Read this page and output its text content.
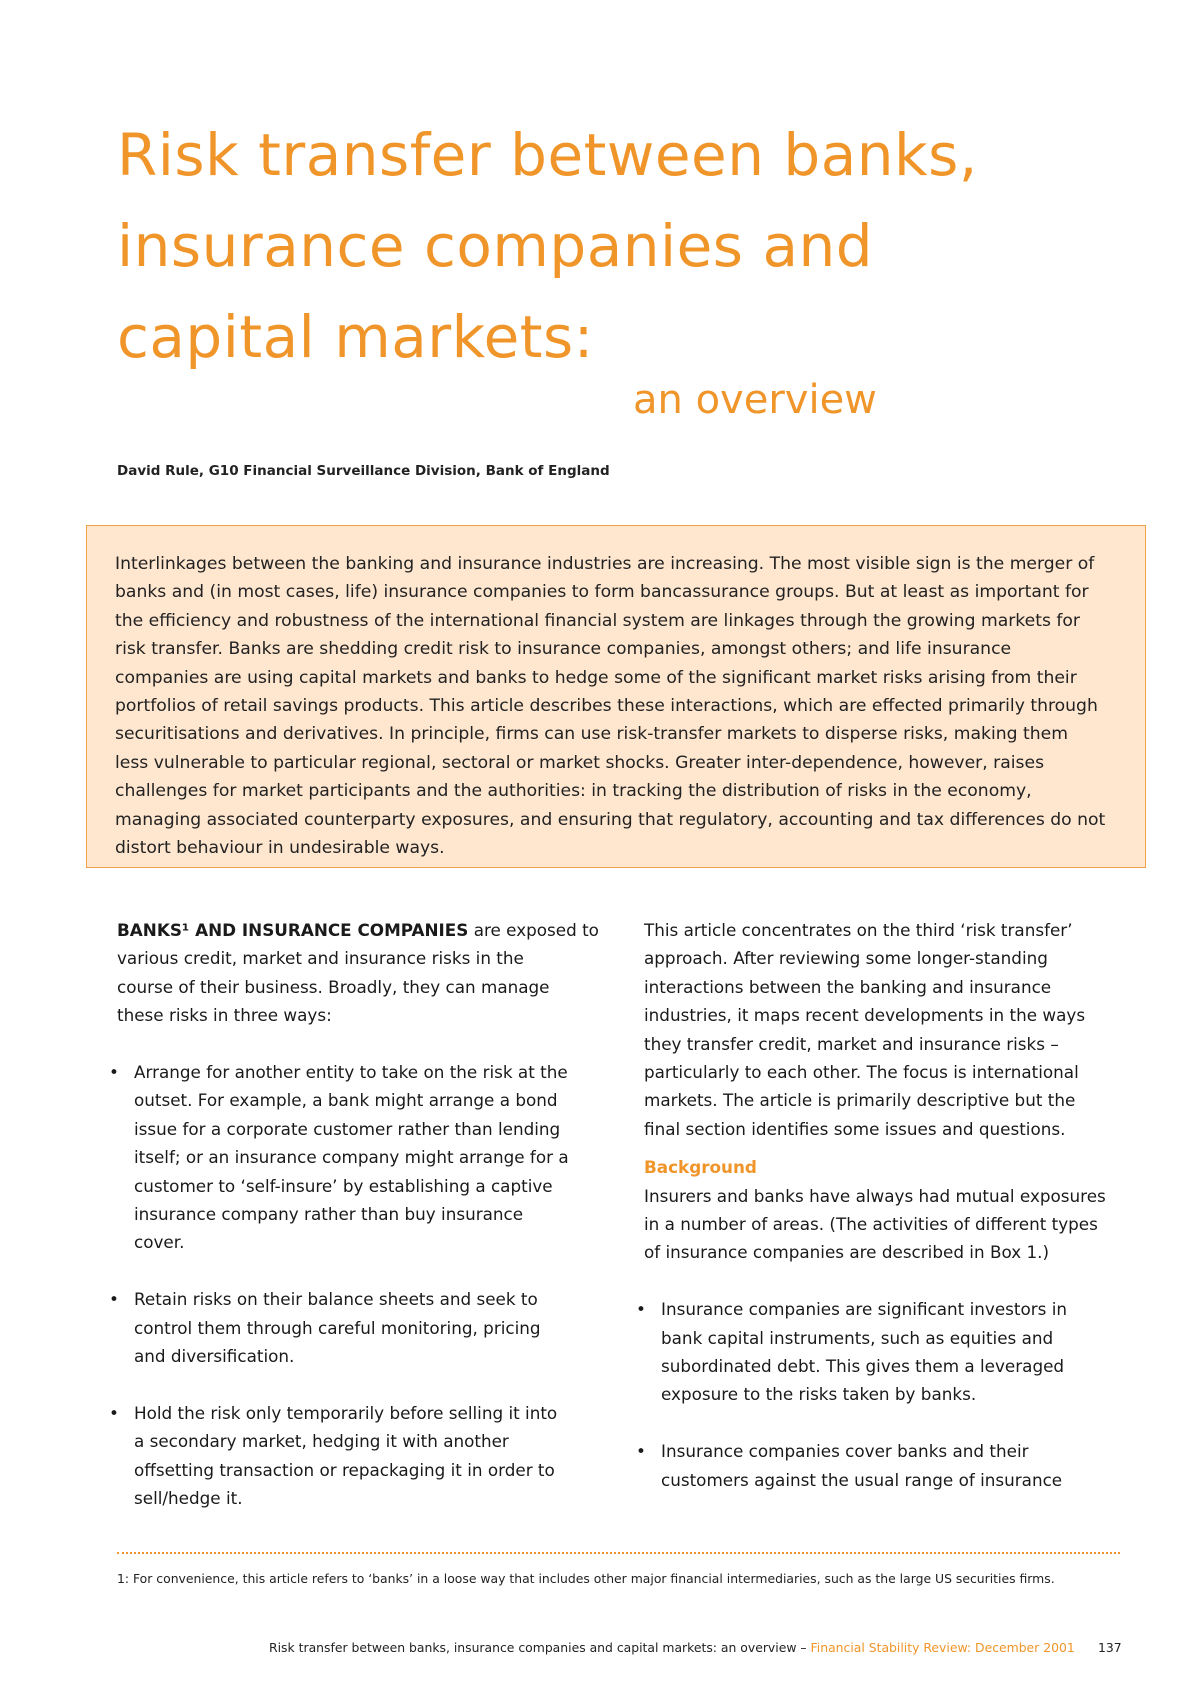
Risk transfer between banks,
insurance companies and
capital markets:
an overview
David Rule, G10 Financial Surveillance Division, Bank of England
Interlinkages between the banking and insurance industries are increasing. The most visible sign is the merger of
banks and (in most cases, life) insurance companies to form bancassurance groups. But at least as important for
the efficiency and robustness of the international financial system are linkages through the growing markets for
risk transfer. Banks are shedding credit risk to insurance companies, amongst others; and life insurance
companies are using capital markets and banks to hedge some of the significant market risks arising from their
portfolios of retail savings products. This article describes these interactions, which are effected primarily through
securitisations and derivatives. In principle, firms can use risk-transfer markets to disperse risks, making them
less vulnerable to particular regional, sectoral or market shocks. Greater inter-dependence, however, raises
challenges for market participants and the authorities: in tracking the distribution of risks in the economy,
managing associated counterparty exposures, and ensuring that regulatory, accounting and tax differences do not
distort behaviour in undesirable ways.
BANKS¹ AND INSURANCE COMPANIES are exposed to
various credit, market and insurance risks in the
course of their business. Broadly, they can manage
these risks in three ways:
• Arrange for another entity to take on the risk at the
outset. For example, a bank might arrange a bond
issue for a corporate customer rather than lending
itself; or an insurance company might arrange for a
customer to ‘self-insure’ by establishing a captive
insurance company rather than buy insurance
cover.
• Retain risks on their balance sheets and seek to
control them through careful monitoring, pricing
and diversification.
• Hold the risk only temporarily before selling it into
a secondary market, hedging it with another
offsetting transaction or repackaging it in order to
sell/hedge it.
This article concentrates on the third ‘risk transfer’
approach. After reviewing some longer-standing
interactions between the banking and insurance
industries, it maps recent developments in the ways
they transfer credit, market and insurance risks –
particularly to each other. The focus is international
markets. The article is primarily descriptive but the
final section identifies some issues and questions.
Background
Insurers and banks have always had mutual exposures
in a number of areas. (The activities of different types
of insurance companies are described in Box 1.)
• Insurance companies are significant investors in
bank capital instruments, such as equities and
subordinated debt. This gives them a leveraged
exposure to the risks taken by banks.
• Insurance companies cover banks and their
customers against the usual range of insurance
1: For convenience, this article refers to ‘banks’ in a loose way that includes other major financial intermediaries, such as the large US securities firms.
Risk transfer between banks, insurance companies and capital markets: an overview – Financial Stability Review: December 2001 137
